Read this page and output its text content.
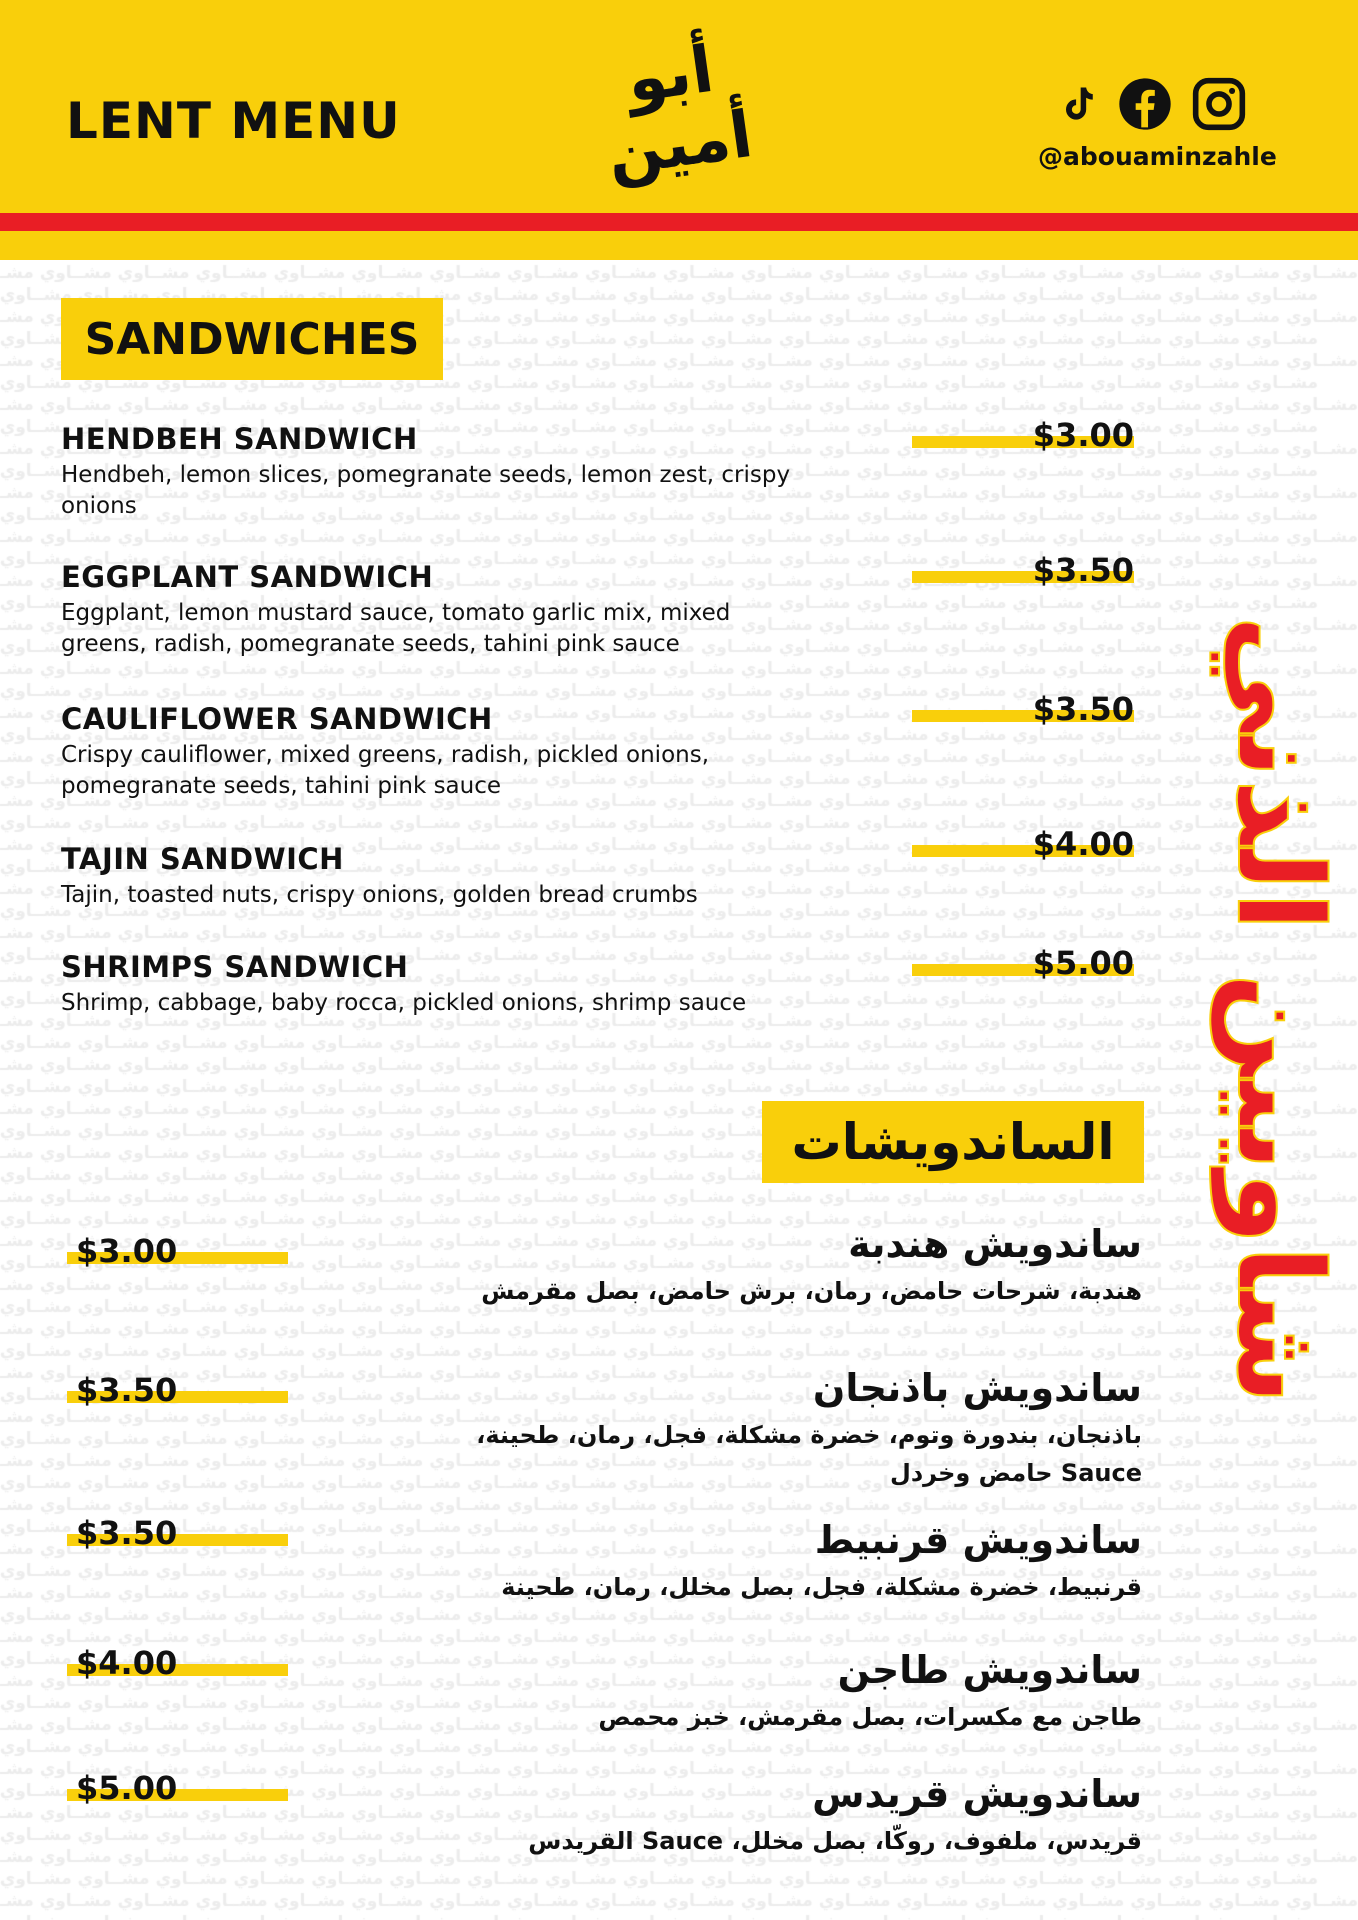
LENT MENU
أبو
أمين	@abouaminzahle
SANDWICHES
الساندويشات
HENDBEH SANDWICH
Hendbeh, lemon slices, pomegranate seeds, lemon zest, crispy onions
$3.00
EGGPLANT SANDWICH
Eggplant, lemon mustard sauce, tomato garlic mix, mixed greens, radish, pomegranate seeds, tahini pink sauce
$3.50
CAULIFLOWER SANDWICH
Crispy cauliflower, mixed greens, radish, pickled onions, pomegranate seeds, tahini pink sauce
$3.50
TAJIN SANDWICH
Tajin, toasted nuts, crispy onions, golden bread crumbs
$4.00
SHRIMPS SANDWICH
Shrimp, cabbage, baby rocca, pickled onions, shrimp sauce
$5.00
ساندويش هندبة
هندبة، شرحات حامض، رمان، برش حامض، بصل مقرمش
$3.00
ساندويش باذنجان
باذنجان، بندورة وتوم، خضرة مشكلة، فجل، رمان، طحينة، Sauce حامض وخردل
$3.50
ساندويش قرنبيط
قرنبيط، خضرة مشكلة، فجل، بصل مخلل، رمان، طحينة
$3.50
ساندويش طاجن
طاجن مع مكسرات، بصل مقرمش، خبز محمص
$4.00
ساندويش قريدس
قريدس، ملفوف، روكّا، بصل مخلل، Sauce القريدس
$5.00
شاويين الذني
